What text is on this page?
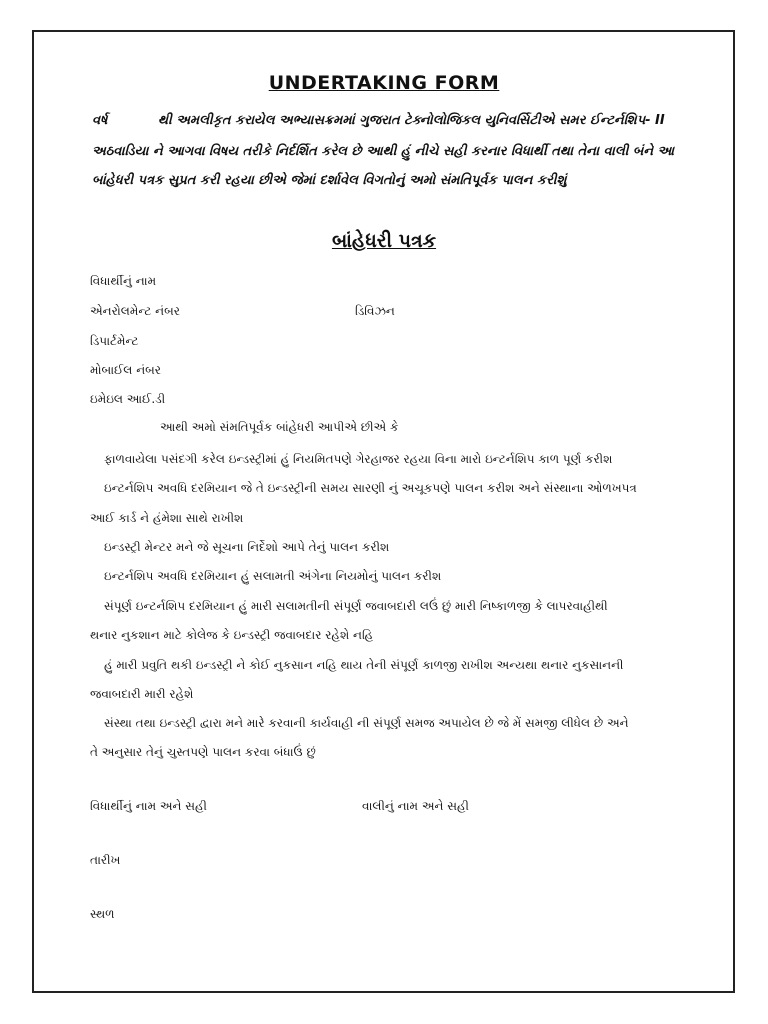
UNDERTAKING FORM
વર્ષ	થી અમલીકૃત કરાયેલ અભ્યાસક્રમમાં ગુજરાત ટેક્નોલોજિકલ યુનિવર્સિટીએ સમર ઈન્ટર્નશિપ- II
અઠવાડિયા ને આગવા વિષય તરીકે નિર્દર્શિત કરેલ છે આથી હું નીચે સહી કરનાર વિધાર્થી તથા તેના વાલી બંને આ
બાંહેધરી પત્રક સુપ્રત કરી રહયા છીએ જેમાં દર્શાવેલ વિગતોનું અમો સંમતિપૂર્વક પાલન કરીશું
બાંહેધરી પત્રક
વિધાર્થીનું નામ
એનરોલમેન્ટ નંબર	ડિવિઝન
ડિપાર્ટમેન્ટ
મોબાઈલ નંબર
ઇમેઇલ આઈ.ડી
આથી અમો સંમતિપૂર્વક બાંહેધરી આપીએ છીએ કે
ફાળવાયેલા પસંદગી કરેલ ઇન્ડસ્ટ્રીમાં હું નિયમિતપણે ગેરહાજર રહયા વિના મારો ઇન્ટર્નશિપ કાળ પૂર્ણ કરીશ
ઇન્ટર્નશિપ અવધિ દરમિયાન જે તે ઇન્ડસ્ટ્રીની સમય સારણી નું અચૂકપણે પાલન કરીશ અને સંસ્થાના ઓળખપત્ર
આઈ કાર્ડ ને હંમેશા સાથે રાખીશ
ઇન્ડસ્ટ્રી મેન્ટર મને જે સૂચના નિર્દેશો આપે તેનું પાલન કરીશ
ઇન્ટર્નશિપ અવધિ દરમિયાન હું સલામતી અંગેના નિયમોનું પાલન કરીશ
સંપૂર્ણ ઇન્ટર્નશિપ દરમિયાન હું મારી સલામતીની સંપૂર્ણ જવાબદારી લઉં છું મારી નિષ્કાળજી કે લાપરવાહીથી
થનાર નુકશાન માટે કોલેજ કે ઇન્ડસ્ટ્રી જવાબદાર રહેશે નહિ
હું મારી પ્રવુતિ થકી ઇન્ડસ્ટ્રી ને કોઈ નુકસાન નહિ થાય તેની સંપૂર્ણ કાળજી રાખીશ અન્યથા થનાર નુકસાનની
જવાબદારી મારી રહેશે
સંસ્થા તથા ઇન્ડસ્ટ્રી દ્વારા મને મારે કરવાની કાર્યવાહી ની સંપૂર્ણ સમજ અપાયેલ છે જે મેં સમજી લીધેલ છે અને
તે અનુસાર તેનું ચુસ્તપણે પાલન કરવા બંધાઉં છું
વિધાર્થીનું નામ અને સહી	વાલીનું નામ અને સહી
તારીખ
સ્થળ
